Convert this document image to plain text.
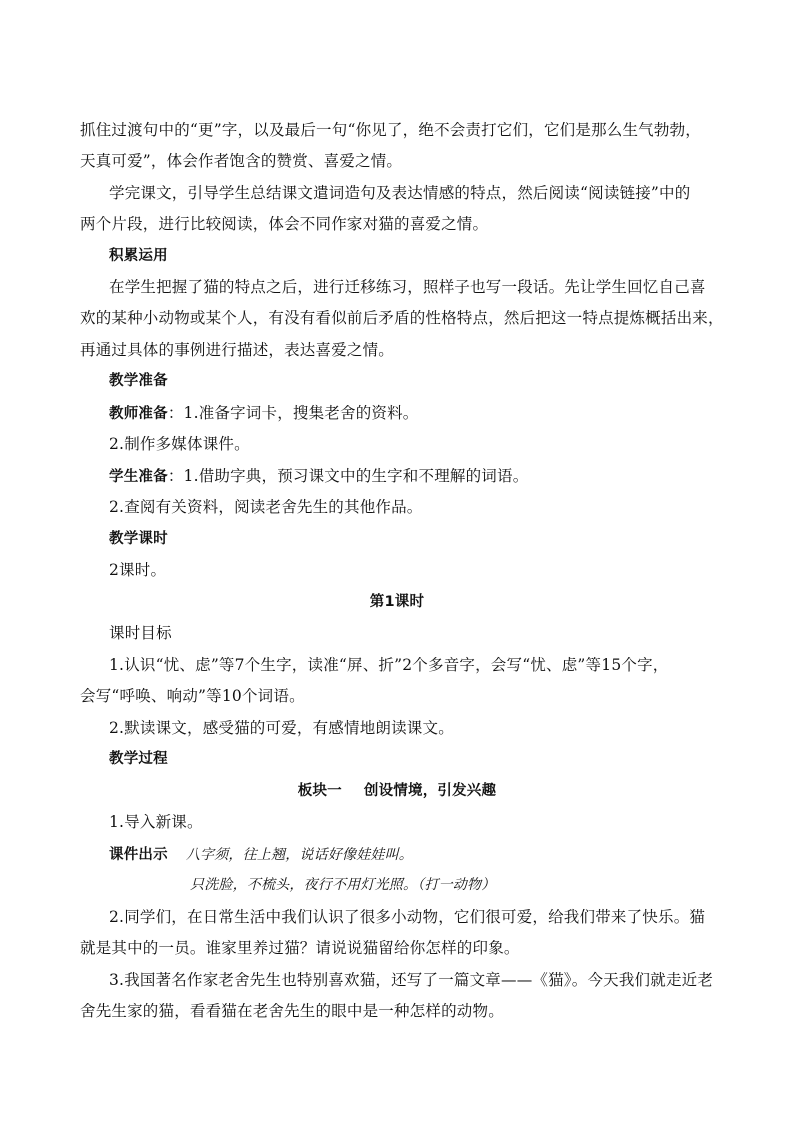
抓住过渡句中的“更”字，以及最后一句“你见了，绝不会责打它们，它们是那么生气勃勃，
天真可爱”，体会作者饱含的赞赏、喜爱之情。
学完课文，引导学生总结课文遣词造句及表达情感的特点，然后阅读“阅读链接”中的
两个片段，进行比较阅读，体会不同作家对猫的喜爱之情。
积累运用
在学生把握了猫的特点之后，进行迁移练习，照样子也写一段话。先让学生回忆自己喜
欢的某种小动物或某个人，有没有看似前后矛盾的性格特点，然后把这一特点提炼概括出来，
再通过具体的事例进行描述，表达喜爱之情。
教学准备
教师准备：1.准备字词卡，搜集老舍的资料。
2.制作多媒体课件。
学生准备：1.借助字典，预习课文中的生字和不理解的词语。
2.查阅有关资料，阅读老舍先生的其他作品。
教学课时
2课时。
第1课时
课时目标
1.认识“忧、虑”等7个生字，读准“屏、折”2个多音字，会写“忧、虑”等15个字，
会写“呼唤、响动”等10个词语。
2.默读课文，感受猫的可爱，有感情地朗读课文。
教学过程
板块一 创设情境，引发兴趣
1.导入新课。
课件出示 八字须，往上翘，说话好像娃娃叫。
只洗脸，不梳头，夜行不用灯光照。（打一动物）
2.同学们，在日常生活中我们认识了很多小动物，它们很可爱，给我们带来了快乐。猫
就是其中的一员。谁家里养过猫？请说说猫留给你怎样的印象。
3.我国著名作家老舍先生也特别喜欢猫，还写了一篇文章——《猫》。今天我们就走近老
舍先生家的猫，看看猫在老舍先生的眼中是一种怎样的动物。
